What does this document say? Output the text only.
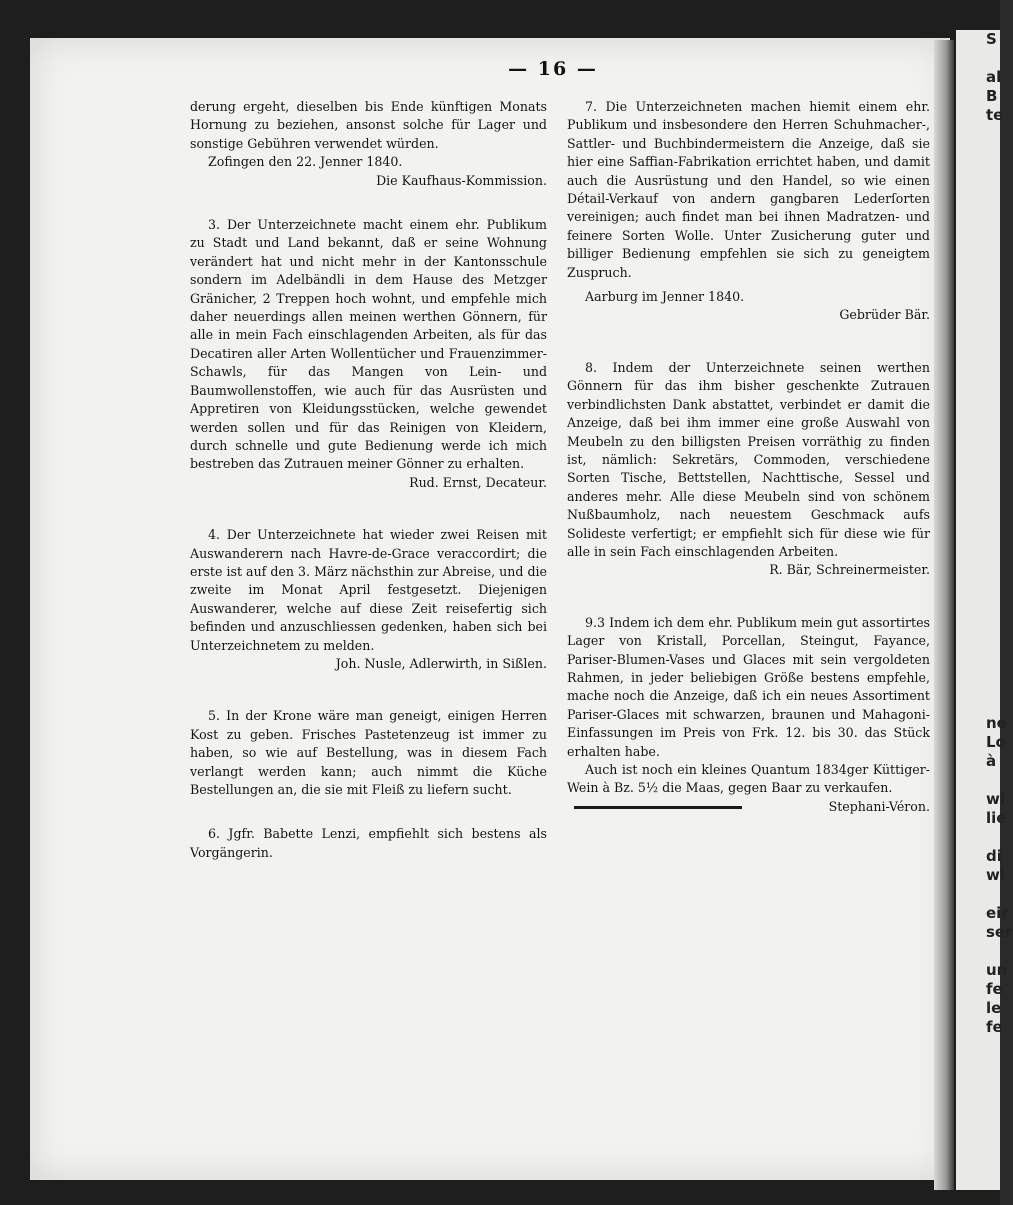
S

al
B
te

ne
Lo
à

wi
lie

di
wi

eir
ser

un
fe
le
fe
— 16 —

derung ergeht, dieselben bis Ende künftigen Monats Hornung zu beziehen, ansonst solche für Lager und sonstige Gebühren verwendet würden.

Zofingen den 22. Jenner 1840.

Die Kaufhaus-Kommission.

3. Der Unterzeichnete macht einem ehr. Publikum zu Stadt und Land bekannt, daß er seine Wohnung verändert hat und nicht mehr in der Kantonsschule sondern im Adelbändli in dem Hause des Metzger Gränicher, 2 Treppen hoch wohnt, und empfehle mich daher neuerdings allen meinen werthen Gönnern, für alle in mein Fach einschlagenden Arbeiten, als für das Decatiren aller Arten Wollentücher und Frauenzimmer-Schawls, für das Mangen von Lein- und Baumwollenstoffen, wie auch für das Ausrüsten und Appretiren von Kleidungsstücken, welche gewendet werden sollen und für das Reinigen von Kleidern, durch schnelle und gute Bedienung werde ich mich bestreben das Zutrauen meiner Gönner zu erhalten.

Rud. Ernst, Decateur.

4. Der Unterzeichnete hat wieder zwei Reisen mit Auswanderern nach Havre-de-Grace veraccordirt; die erste ist auf den 3. März nächsthin zur Abreise, und die zweite im Monat April festgesetzt. Diejenigen Auswanderer, welche auf diese Zeit reisefertig sich befinden und anzuschliessen gedenken, haben sich bei Unterzeichnetem zu melden.

Joh. Nusle, Adlerwirth, in Sißlen.

5. In der Krone wäre man geneigt, einigen Herren Kost zu geben. Frisches Pastetenzeug ist immer zu haben, so wie auf Bestellung, was in diesem Fach verlangt werden kann; auch nimmt die Küche Bestellungen an, die sie mit Fleiß zu liefern sucht.

6. Jgfr. Babette Lenzi, empfiehlt sich bestens als Vorgängerin.

7. Die Unterzeichneten machen hiemit einem ehr. Publikum und insbesondere den Herren Schuhmacher-, Sattler- und Buchbindermeistern die Anzeige, daß sie hier eine Saffian-Fabrikation errichtet haben, und damit auch die Ausrüstung und den Handel, so wie einen Détail-Verkauf von andern gangbaren Lederſorten vereinigen; auch findet man bei ihnen Madratzen- und feinere Sorten Wolle. Unter Zusicherung guter und billiger Bedienung empfehlen sie sich zu geneigtem Zuspruch.

Aarburg im Jenner 1840.

Gebrüder Bär.

8. Indem der Unterzeichnete seinen werthen Gönnern für das ihm bisher geschenkte Zutrauen verbindlichsten Dank abstattet, verbindet er damit die Anzeige, daß bei ihm immer eine große Auswahl von Meubeln zu den billigsten Preisen vorräthig zu finden ist, nämlich: Sekretärs, Commoden, verschiedene Sorten Tische, Bettstellen, Nachttische, Sessel und anderes mehr. Alle diese Meubeln sind von schönem Nußbaumholz, nach neuestem Geschmack aufs Solideste verfertigt; er empfiehlt sich für diese wie für alle in sein Fach einschlagenden Arbeiten.

R. Bär, Schreinermeister.

9.3 Indem ich dem ehr. Publikum mein gut assortirtes Lager von Kristall, Porcellan, Steingut, Fayance, Pariser-Blumen-Vases und Glaces mit sein vergoldeten Rahmen, in jeder beliebigen Größe bestens empfehle, mache noch die Anzeige, daß ich ein neues Assortiment Pariser-Glaces mit schwarzen, braunen und Mahagoni-Einfassungen im Preis von Frk. 12. bis 30. das Stück erhalten habe.

Auch ist noch ein kleines Quantum 1834ger Küttiger-Wein à Bz. 5½ die Maas, gegen Baar zu verkaufen.

Stephani-Véron.
